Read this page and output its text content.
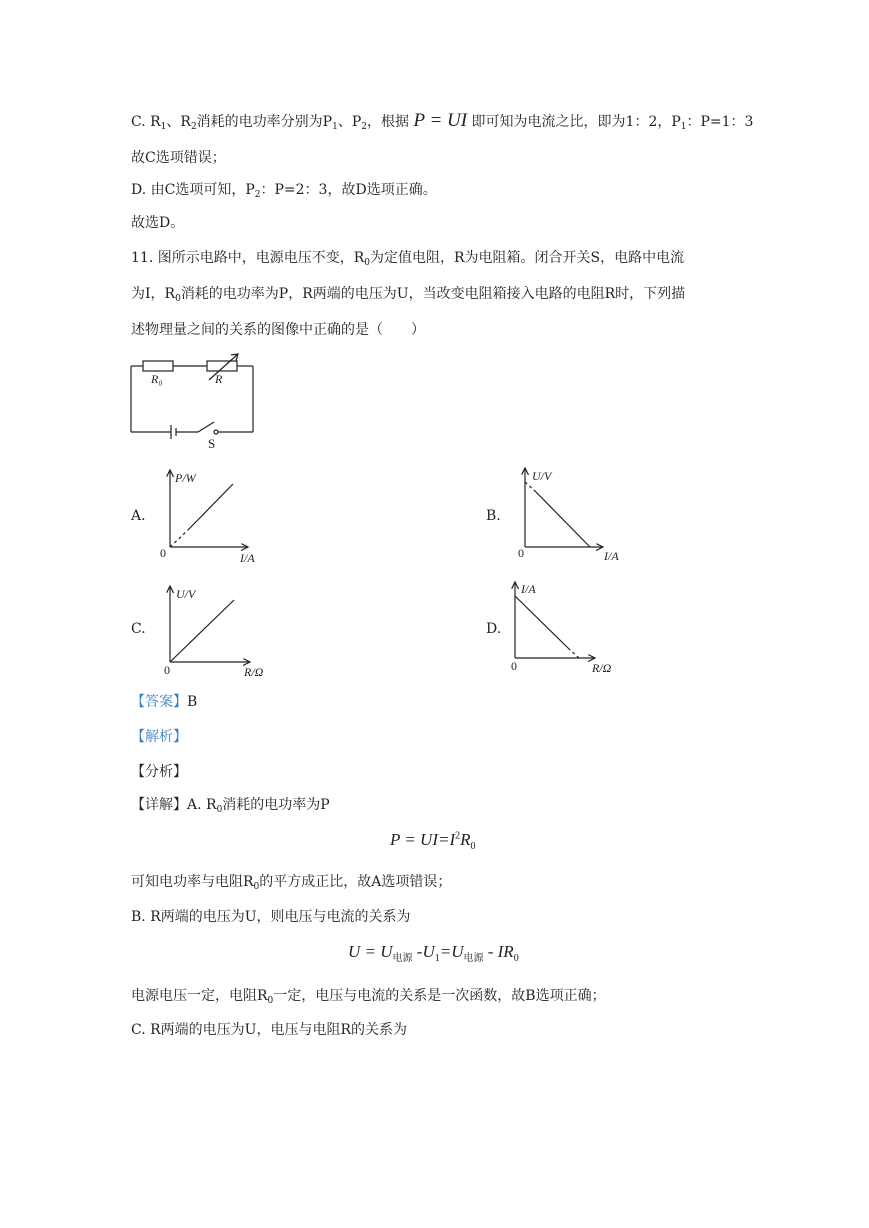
C. $R_1$、$R_2$消耗的电功率分别为$P_1$、$P_2$，根据 P = UI 即可知为电流之比，即为1：2，$P_1$：P=1：3
故C选项错误；
D. 由C选项可知，$P_2$：P=2：3，故D选项正确。
故选D。
11. 图所示电路中，电源电压不变，$R_0$为定值电阻，R为电阻箱。闭合开关S，电路中电流
为I，$R_0$消耗的电功率为P，R两端的电压为U，当改变电阻箱接入电路的电阻R时，下列描
述物理量之间的关系的图像中正确的是（　　）
R₀	R
S
A.	B.
C.	D.
P/W
I/A
0
U/V
I/A
0
U/V
R/Ω
0
I/A
R/Ω
0
【答案】B
【解析】
【分析】
【详解】A. $R_0$消耗的电功率为P
$P = UI=I^2R_0$
可知电功率与电阻$R_0$的平方成正比，故A选项错误；
B. R两端的电压为U，则电压与电流的关系为
$U = U_{电源}$ $-U_1=U_{电源} - IR_0$
电源电压一定，电阻$R_0$一定，电压与电流的关系是一次函数，故B选项正确；
C. R两端的电压为U，电压与电阻R的关系为
